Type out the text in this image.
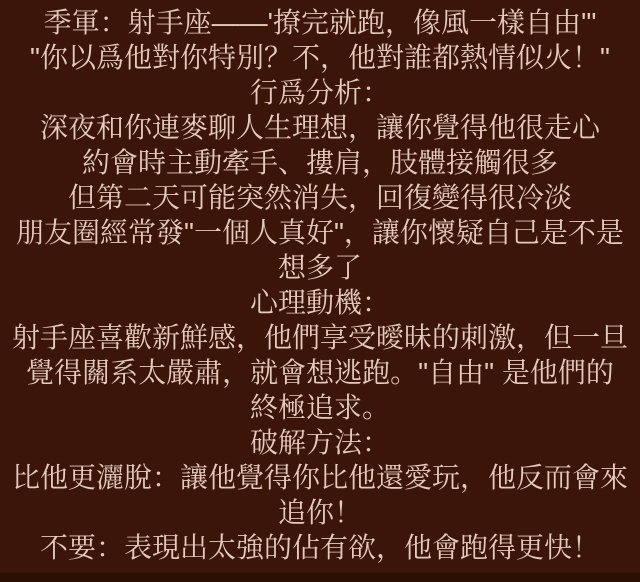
季軍：射手座——'撩完就跑，像風一樣自由'"
"你以爲他對你特別？不，他對誰都熱情似火！"
行爲分析：
深夜和你連麥聊人生理想，讓你覺得他很走心
約會時主動牽手、摟肩，肢體接觸很多
但第二天可能突然消失，回復變得很冷淡
朋友圈經常發"一個人真好"，讓你懷疑自己是不是
想多了
心理動機：
射手座喜歡新鮮感，他們享受曖昧的刺激，但一旦
覺得關系太嚴肅，就會想逃跑。"自由" 是他們的
終極追求。
破解方法：
比他更灑脫：讓他覺得你比他還愛玩，他反而會來
追你！
不要：表現出太強的佔有欲，他會跑得更快！
